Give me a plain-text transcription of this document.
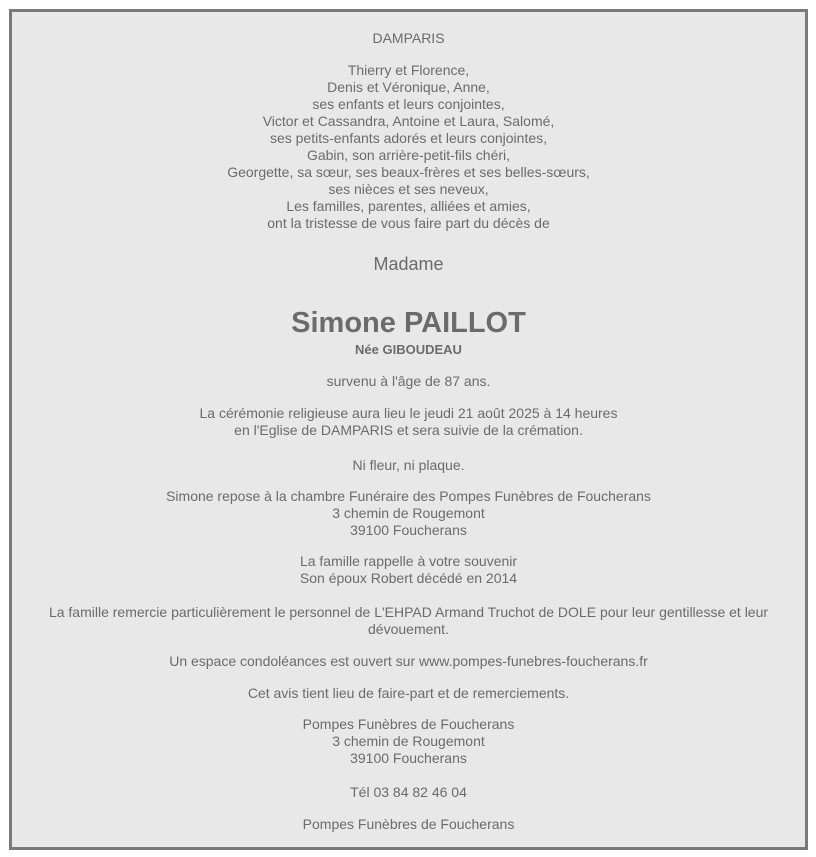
DAMPARIS
Thierry et Florence,
Denis et Véronique, Anne,
ses enfants et leurs conjointes,
Victor et Cassandra, Antoine et Laura, Salomé,
ses petits-enfants adorés et leurs conjointes,
Gabin, son arrière-petit-fils chéri,
Georgette, sa sœur, ses beaux-frères et ses belles-sœurs,
ses nièces et ses neveux,
Les familles, parentes, alliées et amies,
ont la tristesse de vous faire part du décès de
Madame
Simone PAILLOT
Née GIBOUDEAU
survenu à l'âge de 87 ans.
La cérémonie religieuse aura lieu le jeudi 21 août 2025 à 14 heures
en l'Eglise de DAMPARIS et sera suivie de la crémation.
Ni fleur, ni plaque.
Simone repose à la chambre Funéraire des Pompes Funèbres de Foucherans
3 chemin de Rougemont
39100 Foucherans
La famille rappelle à votre souvenir
Son époux Robert décédé en 2014
La famille remercie particulièrement le personnel de L'EHPAD Armand Truchot de DOLE pour leur gentillesse et leur dévouement.
Un espace condoléances est ouvert sur www.pompes-funebres-foucherans.fr
Cet avis tient lieu de faire-part et de remerciements.
Pompes Funèbres de Foucherans
3 chemin de Rougemont
39100 Foucherans
Tél 03 84 82 46 04
Pompes Funèbres de Foucherans
